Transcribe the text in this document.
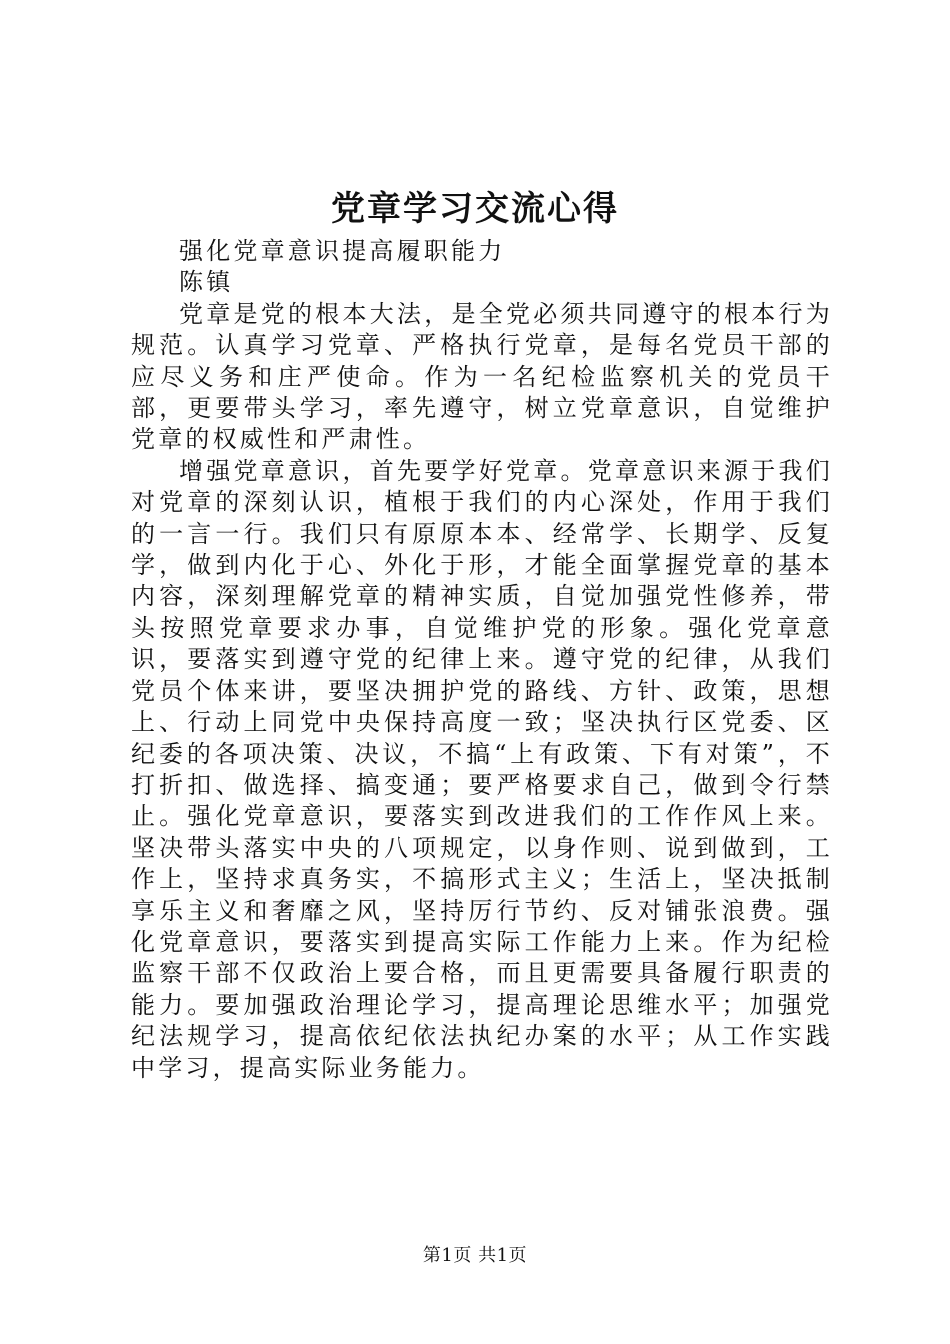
党章学习交流心得

强化党章意识提高履职能力

陈镇

党章是党的根本大法，是全党必须共同遵守的根本行为规范。认真学习党章、严格执行党章，是每名党员干部的应尽义务和庄严使命。作为一名纪检监察机关的党员干部，更要带头学习，率先遵守，树立党章意识，自觉维护党章的权威性和严肃性。

增强党章意识，首先要学好党章。党章意识来源于我们对党章的深刻认识，植根于我们的内心深处，作用于我们的一言一行。我们只有原原本本、经常学、长期学、反复学，做到内化于心、外化于形，才能全面掌握党章的基本内容，深刻理解党章的精神实质，自觉加强党性修养，带头按照党章要求办事，自觉维护党的形象。强化党章意识，要落实到遵守党的纪律上来。遵守党的纪律，从我们党员个体来讲，要坚决拥护党的路线、方针、政策，思想上、行动上同党中央保持高度一致；坚决执行区党委、区纪委的各项决策、决议，不搞“上有政策、下有对策”，不打折扣、做选择、搞变通；要严格要求自己，做到令行禁止。强化党章意识，要落实到改进我们的工作作风上来。坚决带头落实中央的八项规定，以身作则、说到做到，工作上，坚持求真务实，不搞形式主义；生活上，坚决抵制享乐主义和奢靡之风，坚持厉行节约、反对铺张浪费。强化党章意识，要落实到提高实际工作能力上来。作为纪检监察干部不仅政治上要合格，而且更需要具备履行职责的能力。要加强政治理论学习，提高理论思维水平；加强党纪法规学习，提高依纪依法执纪办案的水平；从工作实践中学习，提高实际业务能力。

第1页 共1页
